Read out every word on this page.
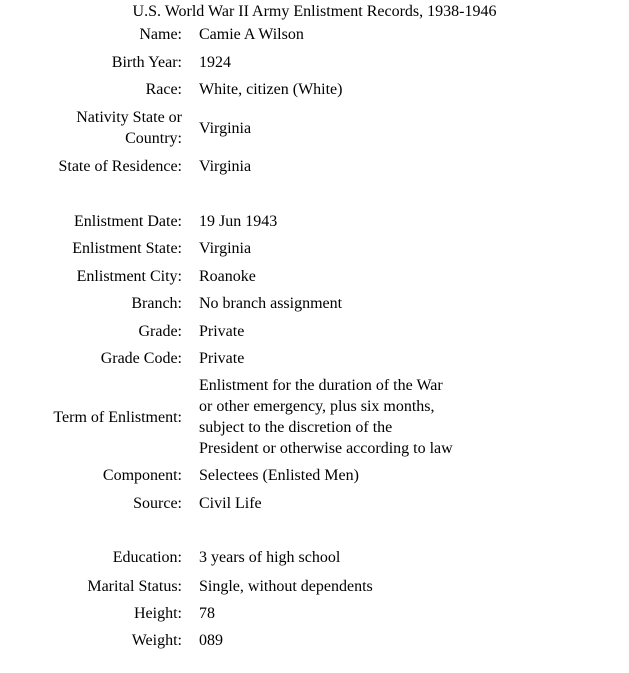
U.S. World War II Army Enlistment Records, 1938-1946
Name: Camie A Wilson
Birth Year: 1924
Race: White, citizen (White)
Nativity State or
Country:
Virginia
State of Residence: Virginia
Enlistment Date: 19 Jun 1943
Enlistment State: Virginia
Enlistment City: Roanoke
Branch: No branch assignment
Grade: Private
Grade Code: Private
Term of Enlistment:
Enlistment for the duration of the War
or other emergency, plus six months,
subject to the discretion of the
President or otherwise according to law
Component: Selectees (Enlisted Men)
Source: Civil Life
Education: 3 years of high school
Marital Status: Single, without dependents
Height: 78
Weight: 089
